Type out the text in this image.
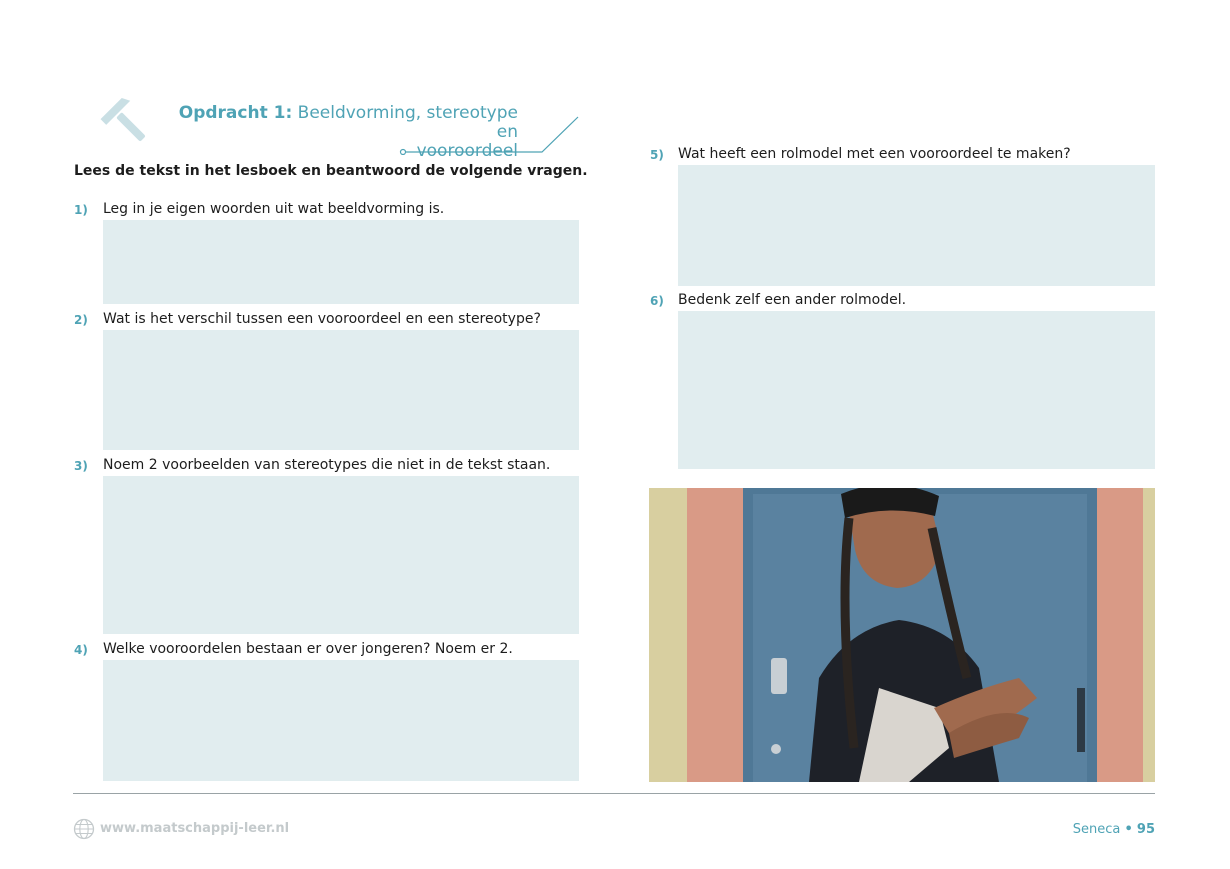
Opdracht 1: Beeldvorming, stereotype en
vooroordeel
Lees de tekst in het lesboek en beantwoord de volgende vragen.
1) Leg in je eigen woorden uit wat beeldvorming is.
2) Wat is het verschil tussen een vooroordeel en een stereotype?
3) Noem 2 voorbeelden van stereotypes die niet in de tekst staan.
4) Welke vooroordelen bestaan er over jongeren? Noem er 2.
5) Wat heeft een rolmodel met een vooroordeel te maken?
6) Bedenk zelf een ander rolmodel.
www.maatschappij-leer.nl	Seneca • 95
